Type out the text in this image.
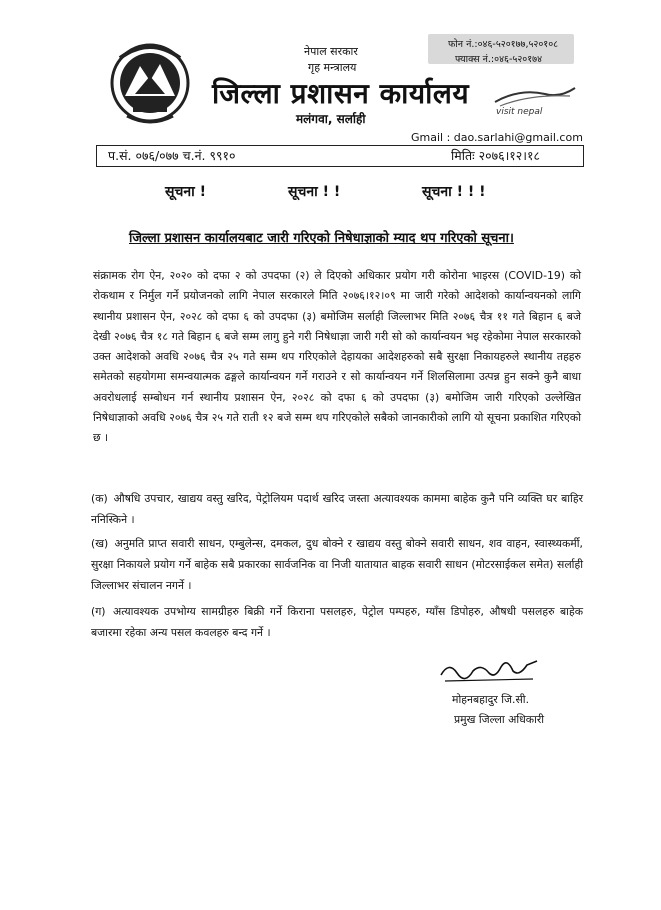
नेपाल सरकार
गृह मन्त्रालय
जिल्ला प्रशासन कार्यालय
मलंगवा, सर्लाही
फोन नं.:०४६-५२०१७७,५२०१०८
फ्याक्स नं.:०४६-५२०१७४
visit nepal
Gmail : dao.sarlahi@gmail.com
प.सं. ०७६/०७७ च.नं. ९९१०	मितिः २०७६।१२।१८
सूचना !	सूचना ! !	सूचना ! ! !
जिल्ला प्रशासन कार्यालयबाट जारी गरिएको निषेधाज्ञाको म्याद थप गरिएको सूचना।
संक्रामक रोग ऐन, २०२० को दफा २ को उपदफा (२) ले दिएको अधिकार प्रयोग गरी कोरोना भाइरस (COVID-19) को रोकथाम र निर्मुल गर्ने प्रयोजनको लागि नेपाल सरकारले मिति २०७६।१२।०९ मा जारी गरेको आदेशको कार्यान्वयनको लागि स्थानीय प्रशासन ऐन, २०२८ को दफा ६ को उपदफा (३) बमोजिम सर्लाही जिल्लाभर मिति २०७६ चैत्र ११ गते बिहान ६ बजे देखी २०७६ चैत्र १८ गते बिहान ६ बजे सम्म लागु हुने गरी निषेधाज्ञा जारी गरी सो को कार्यान्वयन भइ रहेकोमा नेपाल सरकारको उक्त आदेशको अवधि २०७६ चैत्र २५ गते सम्म थप गरिएकोले देहायका आदेशहरुको सबै सुरक्षा निकायहरुले स्थानीय तहहरु समेतको सहयोगमा समन्वयात्मक ढङ्गले कार्यान्वयन गर्ने गराउने र सो कार्यान्वयन गर्ने शिलसिलामा उत्पन्न हुन सक्ने कुनै बाधा अवरोधलाई सम्बोधन गर्न स्थानीय प्रशासन ऐन, २०२८ को दफा ६ को उपदफा (३) बमोजिम जारी गरिएको उल्लेखित निषेधाज्ञाको अवधि २०७६ चैत्र २५ गते राती १२ बजे सम्म थप गरिएकोले सबैको जानकारीको लागि यो सूचना प्रकाशित गरिएको छ ।
(क) औषधि उपचार, खाद्यय वस्तु खरिद, पेट्रोलियम पदार्थ खरिद जस्ता अत्यावश्यक काममा बाहेक कुनै पनि व्यक्ति घर बाहिर ननिस्किने ।
(ख) अनुमति प्राप्त सवारी साधन, एम्बुलेन्स, दमकल, दुध बोक्ने र खाद्यय वस्तु बोक्ने सवारी साधन, शव वाहन, स्वास्थ्यकर्मी, सुरक्षा निकायले प्रयोग गर्ने बाहेक सबै प्रकारका सार्वजनिक वा निजी यातायात बाहक सवारी साधन (मोटरसाईकल समेत) सर्लाही जिल्लाभर संचालन नगर्ने ।
(ग) अत्यावश्यक उपभोग्य सामग्रीहरु बिक्री गर्ने किराना पसलहरु, पेट्रोल पम्पहरु, ग्याँस डिपोहरु, औषधी पसलहरु बाहेक बजारमा रहेका अन्य पसल कवलहरु बन्द गर्ने ।
मोहनबहादुर जि.सी.
प्रमुख जिल्ला अधिकारी
